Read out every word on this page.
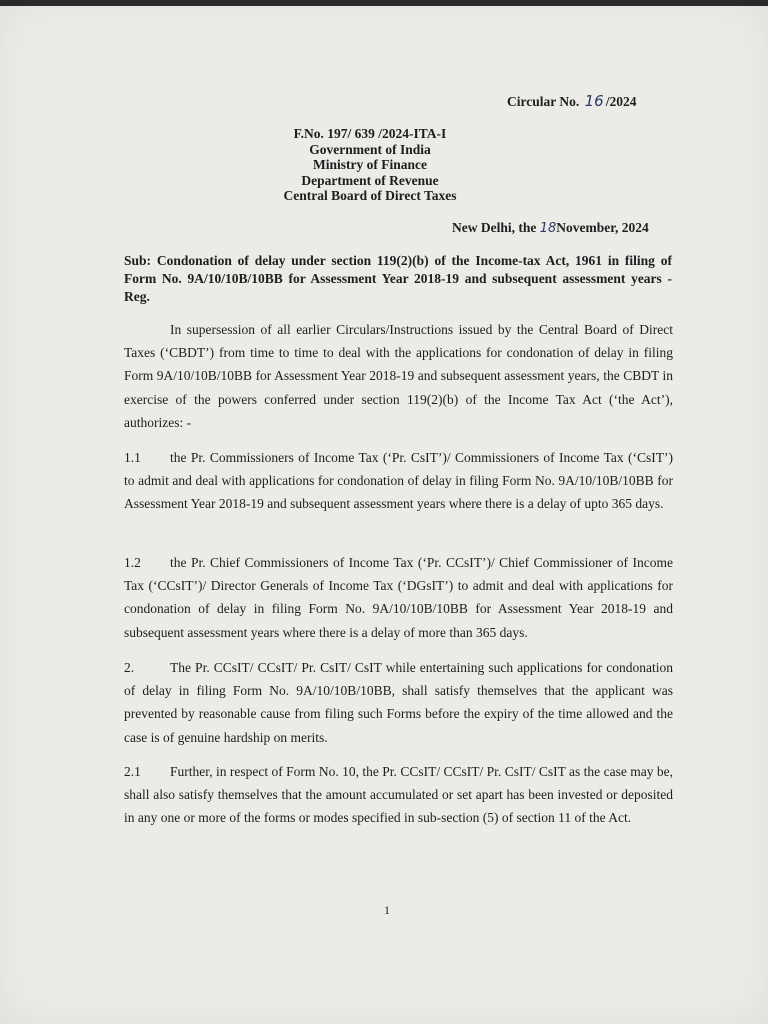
Circular No. 16 /2024
F.No. 197/ 639 /2024-ITA-I
Government of India
Ministry of Finance
Department of Revenue
Central Board of Direct Taxes
New Delhi, the 18November, 2024
Sub: Condonation of delay under section 119(2)(b) of the Income-tax Act, 1961 in filing of Form No. 9A/10/10B/10BB for Assessment Year 2018-19 and subsequent assessment years - Reg.
In supersession of all earlier Circulars/Instructions issued by the Central Board of Direct Taxes (‘CBDT’) from time to time to deal with the applications for condonation of delay in filing Form 9A/10/10B/10BB for Assessment Year 2018-19 and subsequent assessment years, the CBDT in exercise of the powers conferred under section 119(2)(b) of the Income Tax Act (‘the Act’), authorizes: -
1.1 the Pr. Commissioners of Income Tax (‘Pr. CsIT’)/ Commissioners of Income Tax (‘CsIT’) to admit and deal with applications for condonation of delay in filing Form No. 9A/10/10B/10BB for Assessment Year 2018-19 and subsequent assessment years where there is a delay of upto 365 days.
1.2 the Pr. Chief Commissioners of Income Tax (‘Pr. CCsIT’)/ Chief Commissioner of Income Tax (‘CCsIT’)/ Director Generals of Income Tax (‘DGsIT’) to admit and deal with applications for condonation of delay in filing Form No. 9A/10/10B/10BB for Assessment Year 2018-19 and subsequent assessment years where there is a delay of more than 365 days.
2.	The Pr. CCsIT/ CCsIT/ Pr. CsIT/ CsIT while entertaining such applications for condonation of delay in filing Form No. 9A/10/10B/10BB, shall satisfy themselves that the applicant was prevented by reasonable cause from filing such Forms before the expiry of the time allowed and the case is of genuine hardship on merits.
2.1 Further, in respect of Form No. 10, the Pr. CCsIT/ CCsIT/ Pr. CsIT/ CsIT as the case may be, shall also satisfy themselves that the amount accumulated or set apart has been invested or deposited in any one or more of the forms or modes specified in sub-section (5) of section 11 of the Act.
1
